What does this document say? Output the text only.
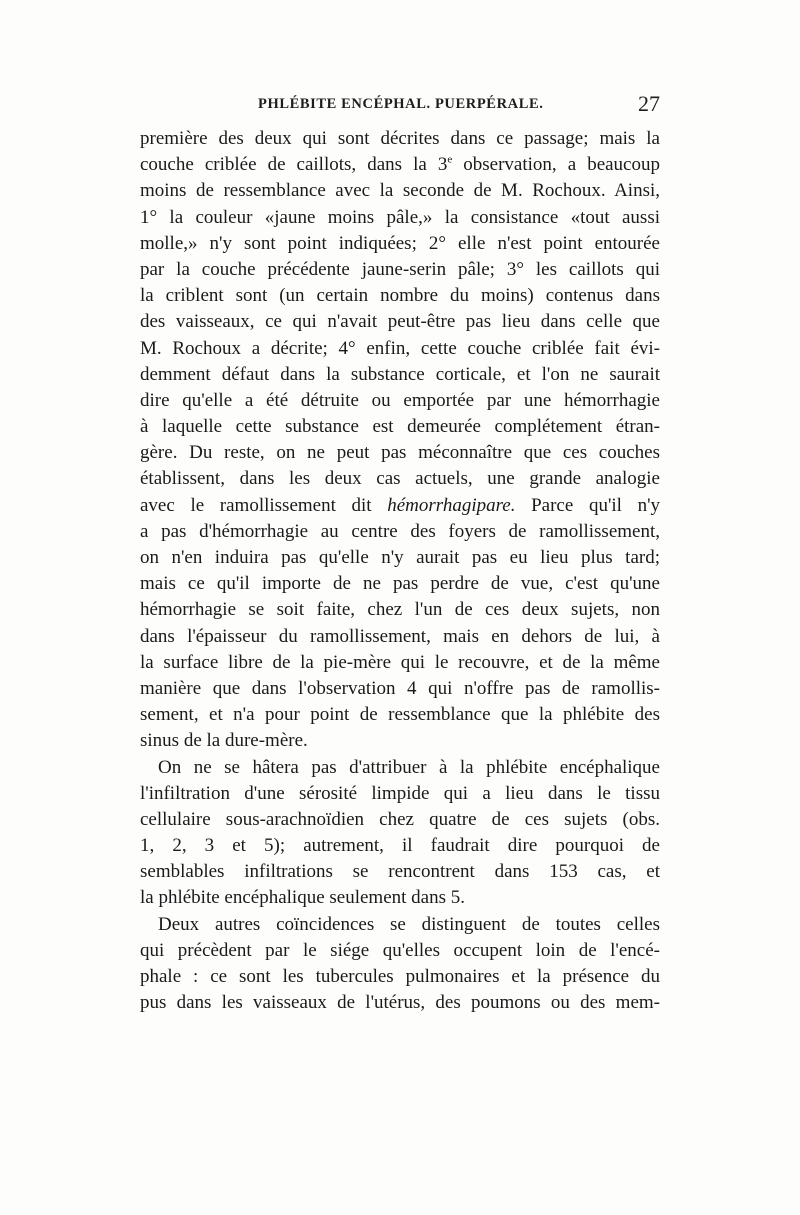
PHLÉBITE ENCÉPHAL. PUERPÉRALE.	27
première des deux qui sont décrites dans ce passage; mais la
couche criblée de caillots, dans la 3e observation, a beaucoup
moins de ressemblance avec la seconde de M. Rochoux. Ainsi,
1° la couleur «jaune moins pâle,» la consistance «tout aussi
molle,» n'y sont point indiquées; 2° elle n'est point entourée
par la couche précédente jaune-serin pâle; 3° les caillots qui
la criblent sont (un certain nombre du moins) contenus dans
des vaisseaux, ce qui n'avait peut-être pas lieu dans celle que
M. Rochoux a décrite; 4° enfin, cette couche criblée fait évi-
demment défaut dans la substance corticale, et l'on ne saurait
dire qu'elle a été détruite ou emportée par une hémorrhagie
à laquelle cette substance est demeurée complétement étran-
gère. Du reste, on ne peut pas méconnaître que ces couches
établissent, dans les deux cas actuels, une grande analogie
avec le ramollissement dit hémorrhagipare. Parce qu'il n'y
a pas d'hémorrhagie au centre des foyers de ramollissement,
on n'en induira pas qu'elle n'y aurait pas eu lieu plus tard;
mais ce qu'il importe de ne pas perdre de vue, c'est qu'une
hémorrhagie se soit faite, chez l'un de ces deux sujets, non
dans l'épaisseur du ramollissement, mais en dehors de lui, à
la surface libre de la pie-mère qui le recouvre, et de la même
manière que dans l'observation 4 qui n'offre pas de ramollis-
sement, et n'a pour point de ressemblance que la phlébite des
sinus de la dure-mère.
On ne se hâtera pas d'attribuer à la phlébite encéphalique
l'infiltration d'une sérosité limpide qui a lieu dans le tissu
cellulaire sous-arachnoïdien chez quatre de ces sujets (obs.
1, 2, 3 et 5); autrement, il faudrait dire pourquoi de
semblables infiltrations se rencontrent dans 153 cas, et
la phlébite encéphalique seulement dans 5.
Deux autres coïncidences se distinguent de toutes celles
qui précèdent par le siége qu'elles occupent loin de l'encé-
phale : ce sont les tubercules pulmonaires et la présence du
pus dans les vaisseaux de l'utérus, des poumons ou des mem-
